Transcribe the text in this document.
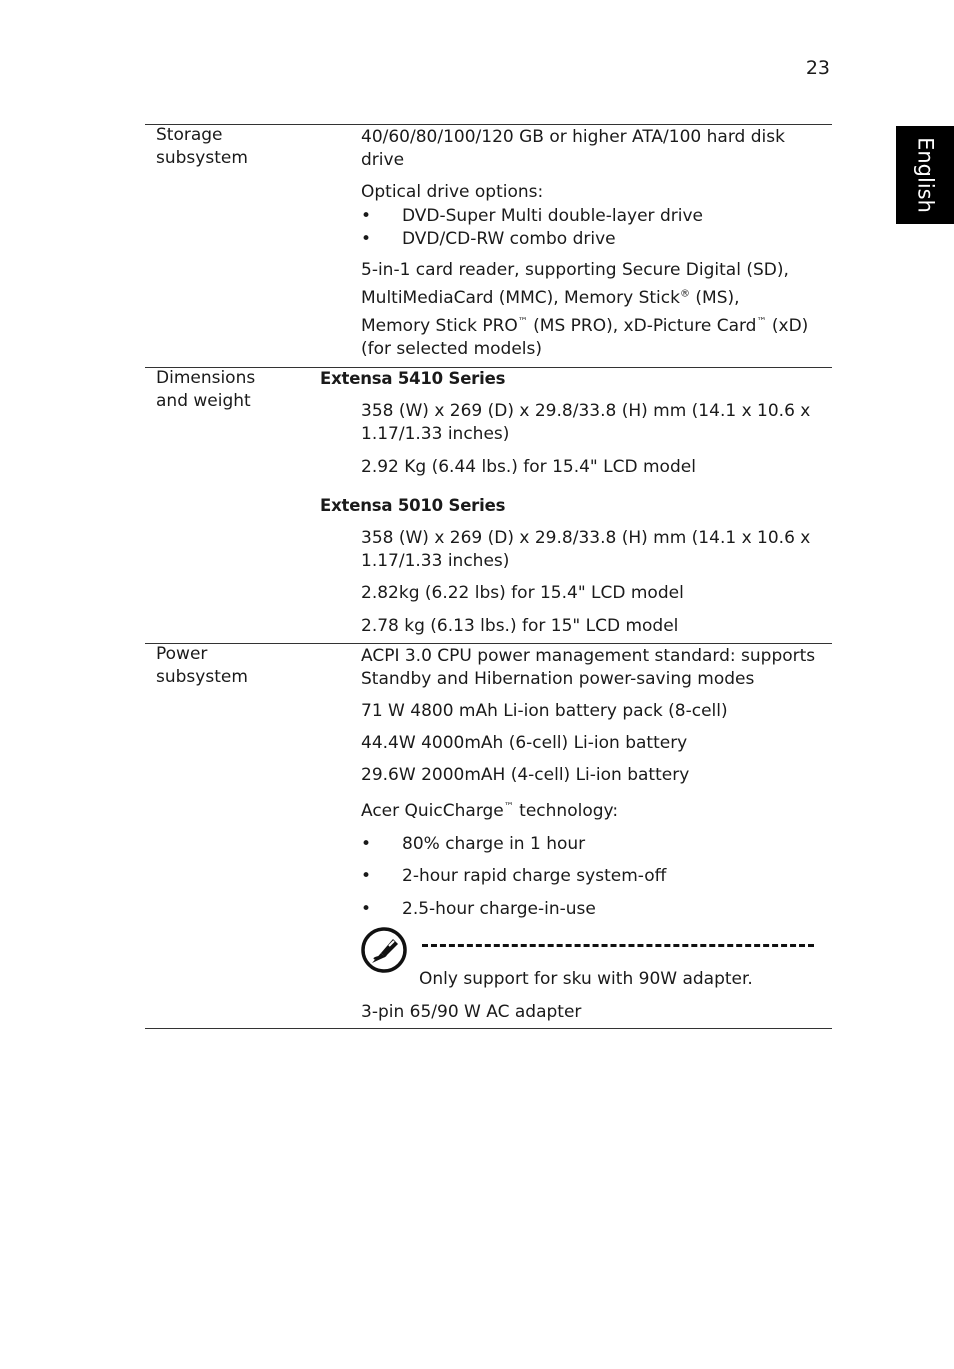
23
English
Storage
subsystem
40/60/80/100/120 GB or higher ATA/100 hard disk
drive
Optical drive options:
• DVD-Super Multi double-layer drive
• DVD/CD-RW combo drive
5-in-1 card reader, supporting Secure Digital (SD),
MultiMediaCard (MMC), Memory Stick® (MS),
Memory Stick PRO™ (MS PRO), xD-Picture Card™ (xD)
(for selected models)
Dimensions
and weight
Extensa 5410 Series
358 (W) x 269 (D) x 29.8/33.8 (H) mm (14.1 x 10.6 x
1.17/1.33 inches)
2.92 Kg (6.44 lbs.) for 15.4" LCD model
Extensa 5010 Series
358 (W) x 269 (D) x 29.8/33.8 (H) mm (14.1 x 10.6 x
1.17/1.33 inches)
2.82kg (6.22 lbs) for 15.4" LCD model
2.78 kg (6.13 lbs.) for 15" LCD model
Power
subsystem
ACPI 3.0 CPU power management standard: supports
Standby and Hibernation power-saving modes
71 W 4800 mAh Li-ion battery pack (8-cell)
44.4W 4000mAh (6-cell) Li-ion battery
29.6W 2000mAH (4-cell) Li-ion battery
Acer QuicCharge™ technology:
• 80% charge in 1 hour
• 2-hour rapid charge system-off
• 2.5-hour charge-in-use
Only support for sku with 90W adapter.
3-pin 65/90 W AC adapter
